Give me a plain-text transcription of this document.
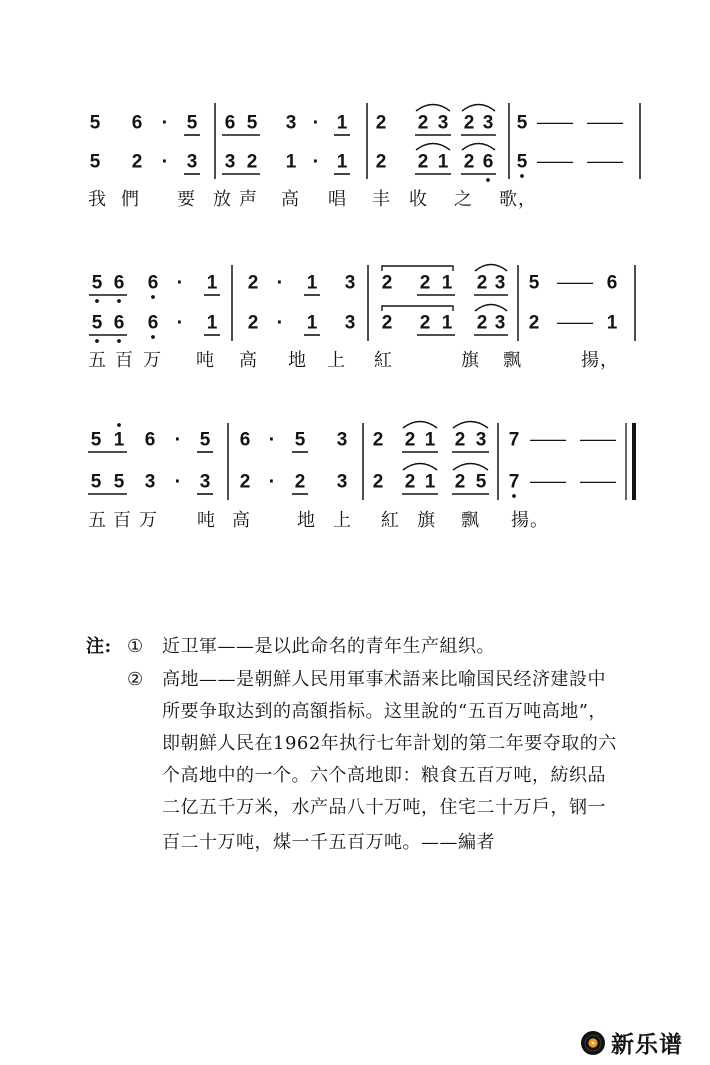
注: ① 近卫軍——是以此命名的青年生产組织。
② 高地——是朝鮮人民用軍事术語来比喻国民经济建設中
所要争取达到的高額指标。这里說的“五百万吨高地”，
即朝鮮人民在1962年执行七年計划的第二年要夺取的六
个高地中的一个。六个高地即：粮食五百万吨，紡织品
二亿五千万米，水产品八十万吨，住宅二十万戶，钢一
百二十万吨，煤一千五百万吨。——編者
新乐谱
5 6 · 5 6 5 3 · 1 2 2 3 2 3 5 — —
5 2 · 3 3 2 1 · 1 2 2 1 2 6 5 — —
我 們 要 放 声 高 唱 丰 收 之 歌 ，
5 6 6 · 1 2 · 1 3 2 2 1 2 3 5 — 6
5 6 6 · 1 2 · 1 3 2 2 1 2 3 2 — 1
五 百 万 吨 高 地 上 紅	旗 飘	揚 ，
5 1 6 · 5 6 · 5 3 2 2 1 2 3 7 — —
5 5 3 · 3 2 · 2 3 2 2 1 2 5 7 — —
五 百 万 吨 高	地 上 紅 旗 飘 揚 。
